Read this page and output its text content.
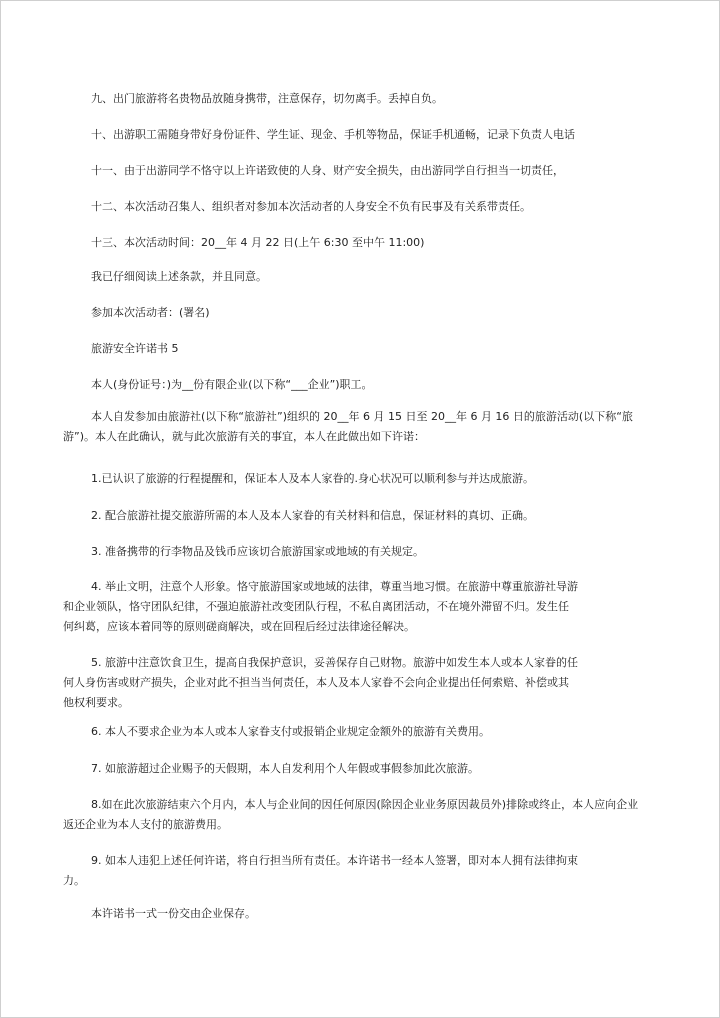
九、出门旅游将名贵物品放随身携带，注意保存，切勿离手。丢掉自负。
十、出游职工需随身带好身份证件、学生证、现金、手机等物品，保证手机通畅，记录下负责人电话
十一、由于出游同学不恪守以上许诺致使的人身、财产安全损失，由出游同学自行担当一切责任，
十二、本次活动召集人、组织者对参加本次活动者的人身安全不负有民事及有关系带责任。
十三、本次活动时间：20__年 4 月 22 日(上午 6:30 至中午 11:00)
我已仔细阅读上述条款，并且同意。
参加本次活动者：(署名)
旅游安全许诺书 5
本人(身份证号：)为__份有限企业(以下称“___企业”)职工。
本人自发参加由旅游社(以下称“旅游社”)组织的 20__年 6 月 15 日至 20__年 6 月 16 日的旅游活动(以下称“旅
游”)。本人在此确认，就与此次旅游有关的事宜，本人在此做出如下许诺：
1.已认识了旅游的行程提醒和，保证本人及本人家眷的.身心状况可以顺利参与并达成旅游。
2. 配合旅游社提交旅游所需的本人及本人家眷的有关材料和信息，保证材料的真切、正确。
3. 准备携带的行李物品及钱币应该切合旅游国家或地域的有关规定。
4. 举止文明，注意个人形象。恪守旅游国家或地域的法律，尊重当地习惯。在旅游中尊重旅游社导游
和企业领队，恪守团队纪律，不强迫旅游社改变团队行程，不私自离团活动，不在境外滞留不归。发生任
何纠葛，应该本着同等的原则磋商解决，或在回程后经过法律途径解决。
5. 旅游中注意饮食卫生，提高自我保护意识，妥善保存自己财物。旅游中如发生本人或本人家眷的任
何人身伤害或财产损失，企业对此不担当当何责任，本人及本人家眷不会向企业提出任何索赔、补偿或其
他权利要求。
6. 本人不要求企业为本人或本人家眷支付或报销企业规定金额外的旅游有关费用。
7. 如旅游超过企业赐予的天假期，本人自发利用个人年假或事假参加此次旅游。
8.如在此次旅游结束六个月内，本人与企业间的因任何原因(除因企业业务原因裁员外)排除或终止，本人应向企业
返还企业为本人支付的旅游费用。
9. 如本人违犯上述任何许诺，将自行担当所有责任。本许诺书一经本人签署，即对本人拥有法律拘束
力。
本许诺书一式一份交由企业保存。
